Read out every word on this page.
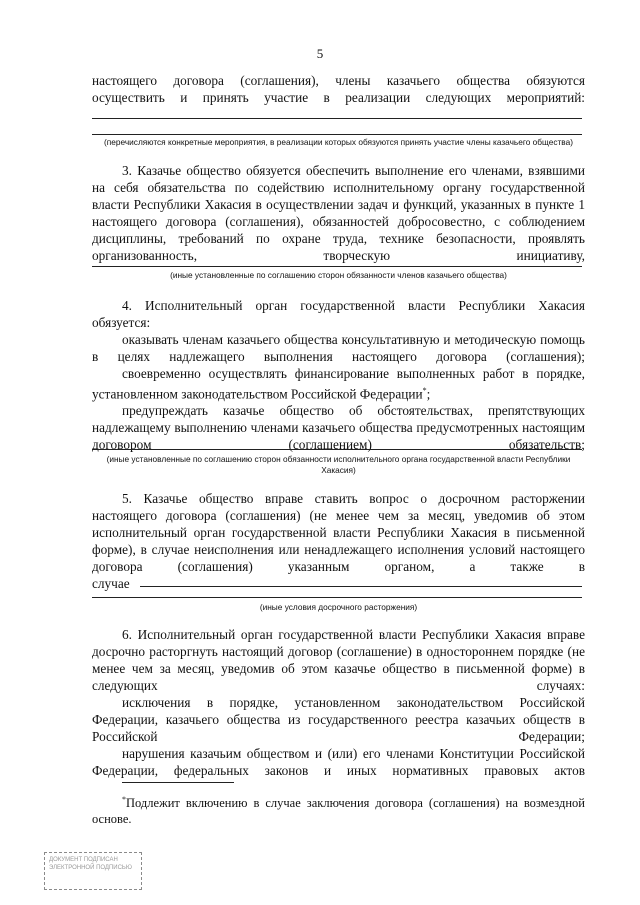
5

настоящего договора (соглашения), члены казачьего общества обязуются

осуществить и принять участие в реализации следующих мероприятий:

(перечисляются конкретные мероприятия, в реализации которых обязуются принять участие члены казачьего общества)

3. Казачье общество обязуется обеспечить выполнение его членами, взявшими на себя обязательства по содействию исполнительному органу государственной власти Республики Хакасия в осуществлении задач и функций, указанных в пункте 1 настоящего договора (соглашения), обязанностей добросовестно, с соблюдением дисциплины, требований по охране труда, технике безопасности, проявлять организованность, творческую инициативу,

(иные установленные по соглашению сторон обязанности членов казачьего общества)

4. Исполнительный орган государственной власти Республики Хакасия обязуется:

оказывать членам казачьего общества консультативную и методическую помощь в целях надлежащего выполнения настоящего договора (соглашения);

своевременно осуществлять финансирование выполненных работ в порядке, установленном законодательством Российской Федерации*;

предупреждать казачье общество об обстоятельствах, препятствующих надлежащему выполнению членами казачьего общества предусмотренных настоящим договором (соглашением) обязательств;

(иные установленные по соглашению сторон обязанности исполнительного органа государственной власти Республики Хакасия)

5. Казачье общество вправе ставить вопрос о досрочном расторжении настоящего договора (соглашения) (не менее чем за месяц, уведомив об этом исполнительный орган государственной власти Республики Хакасия в письменной форме), в случае неисполнения или ненадлежащего исполнения условий настоящего договора (соглашения) указанным органом, а также в

случае
(иные условия досрочного расторжения)

6. Исполнительный орган государственной власти Республики Хакасия вправе досрочно расторгнуть настоящий договор (соглашение) в одностороннем порядке (не менее чем за месяц, уведомив об этом казачье общество в письменной форме) в следующих случаях:

исключения в порядке, установленном законодательством Российской Федерации, казачьего общества из государственного реестра казачьих обществ в Российской Федерации;

нарушения казачьим обществом и (или) его членами Конституции Российской Федерации, федеральных законов и иных нормативных правовых актов

*Подлежит включению в случае заключения договора (соглашения) на возмездной основе.

ДОКУМЕНТ ПОДПИСАН ЭЛЕКТРОННОЙ ПОДПИСЬЮ
